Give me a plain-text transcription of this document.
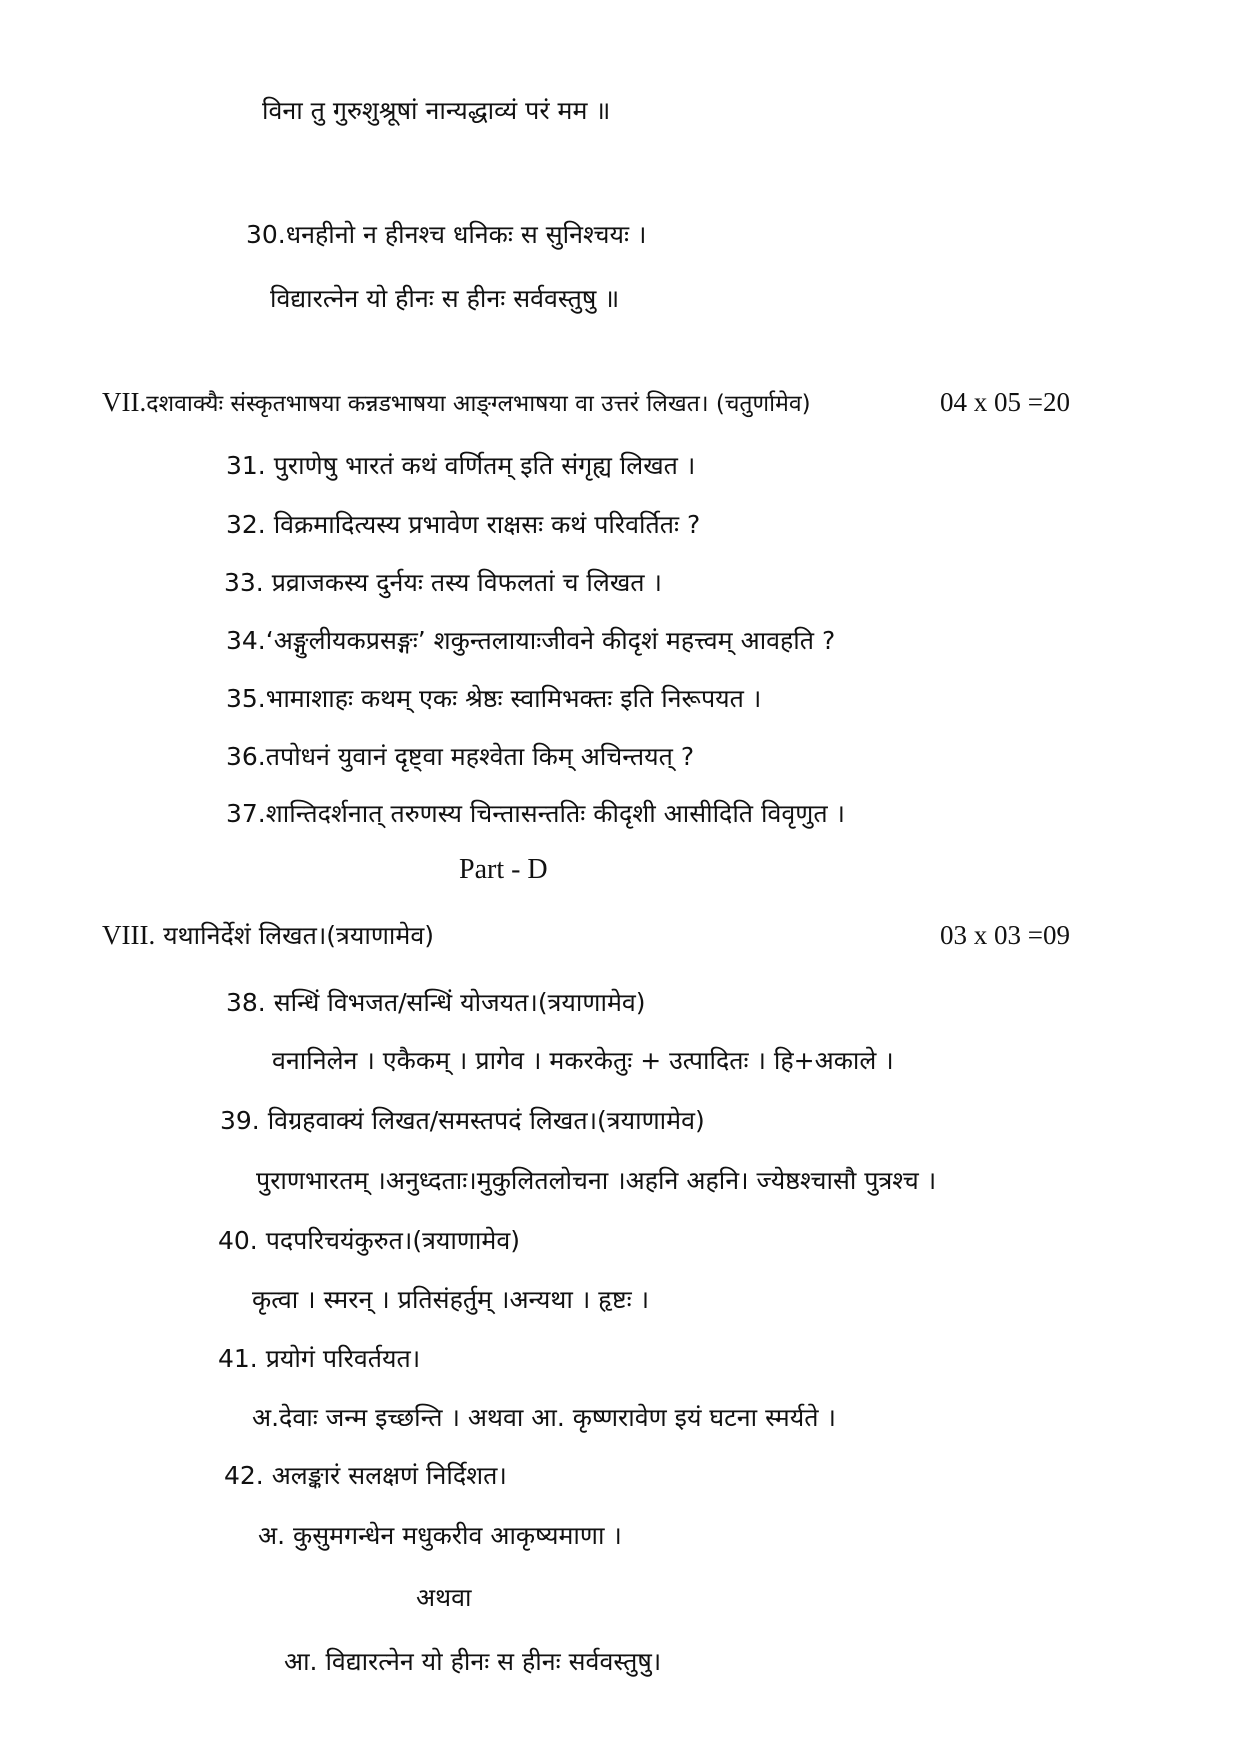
विना तु गुरुशुश्रूषां नान्यद्धाव्यं परं मम ॥
30.धनहीनो न हीनश्च धनिकः स सुनिश्चयः ।
विद्यारत्नेन यो हीनः स हीनः सर्ववस्तुषु ॥
VII.दशवाक्यैः संस्कृतभाषया कन्नडभाषया आङ्ग्लभाषया वा उत्तरं लिखत। (चतुर्णामेव)	04 x 05 =20
31. पुराणेषु भारतं कथं वर्णितम् इति संगृह्य लिखत ।
32. विक्रमादित्यस्य प्रभावेण राक्षसः कथं परिवर्तितः ?
33. प्रव्राजकस्य दुर्नयः तस्य विफलतां च लिखत ।
34.‘अङ्गुलीयकप्रसङ्गः’ शकुन्तलायाःजीवने कीदृशं महत्त्वम् आवहति ?
35.भामाशाहः कथम् एकः श्रेष्ठः स्वामिभक्तः इति निरूपयत ।
36.तपोधनं युवानं दृष्ट्वा महश्वेता किम् अचिन्तयत् ?
37.शान्तिदर्शनात् तरुणस्य चिन्तासन्ततिः कीदृशी आसीदिति विवृणुत ।
Part - D
VIII. यथानिर्देशं लिखत।(त्रयाणामेव)	03 x 03 =09
38. सन्धिं विभजत/सन्धिं योजयत।(त्रयाणामेव)
वनानिलेन । एकैकम् । प्रागेव । मकरकेतुः + उत्पादितः । हि+अकाले ।
39. विग्रहवाक्यं लिखत/समस्तपदं लिखत।(त्रयाणामेव)
पुराणभारतम् ।अनुध्दताः।मुकुलितलोचना ।अहनि अहनि। ज्येष्ठश्चासौ पुत्रश्च ।
40. पदपरिचयंकुरुत।(त्रयाणामेव)
कृत्वा । स्मरन् । प्रतिसंहर्तुम् ।अन्यथा । हृष्टः ।
41. प्रयोगं परिवर्तयत।
अ.देवाः जन्म इच्छन्ति । अथवा आ. कृष्णरावेण इयं घटना स्मर्यते ।
42. अलङ्कारं सलक्षणं निर्दिशत।
अ. कुसुमगन्धेन मधुकरीव आकृष्यमाणा ।
अथवा
आ. विद्यारत्नेन यो हीनः स हीनः सर्ववस्तुषु।
